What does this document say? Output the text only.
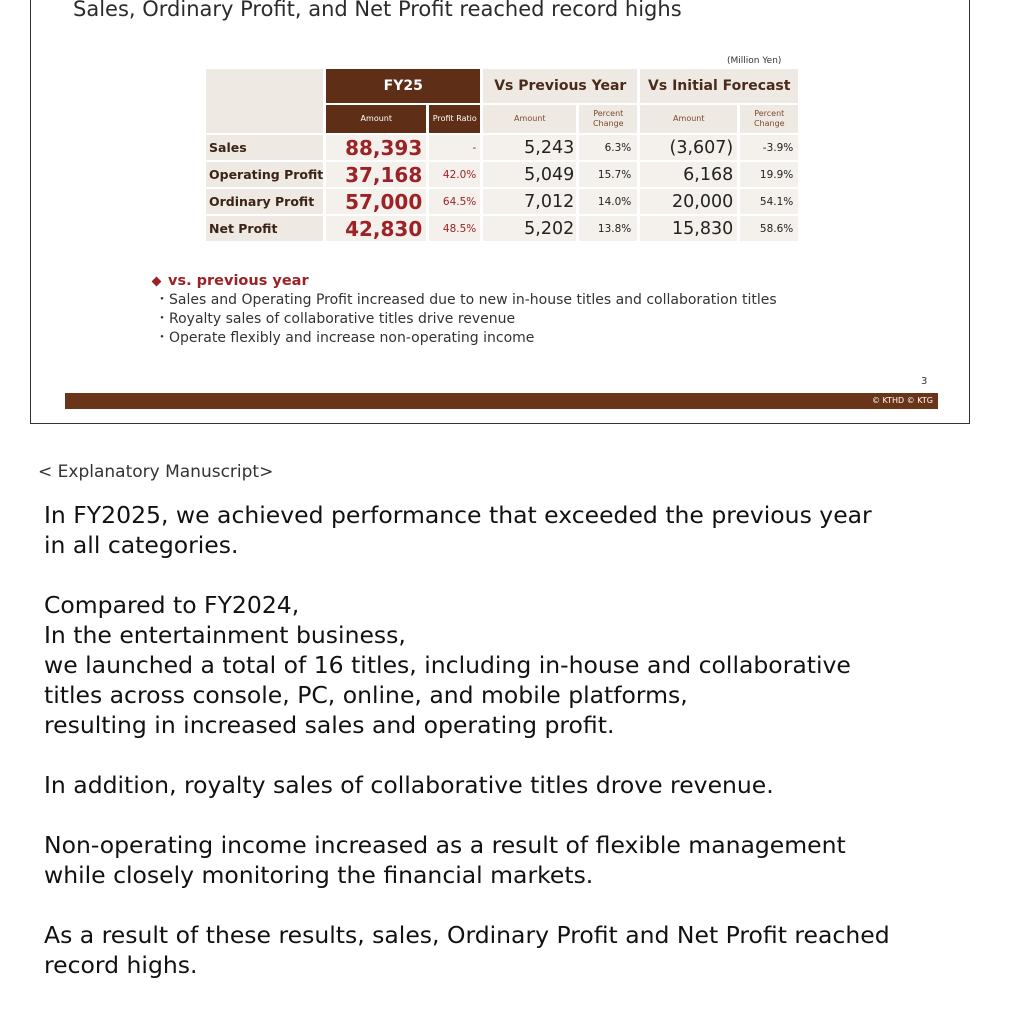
Sales, Ordinary Profit, and Net Profit reached record highs
(Million Yen)
	FY25		Vs Previous Year		Vs Initial Forecast	
	Amount	Profit Ratio	Amount	Percent Change	Amount	Percent Change
Sales	88,393	-	5,243	6.3%	(3,607)	-3.9%
Operating Profit	37,168	42.0%	5,049	15.7%	6,168	19.9%
Ordinary Profit	57,000	64.5%	7,012	14.0%	20,000	54.1%
Net Profit	42,830	48.5%	5,202	13.8%	15,830	58.6%
vs. previous year
・ Sales and Operating Profit increased due to new in-house titles and collaboration titles
・ Royalty sales of collaborative titles drive revenue
・ Operate flexibly and increase non-operating income
3
© KTHD © KTG
< Explanatory Manuscript>

In FY2025, we achieved performance that exceeded the previous year
in all categories.

Compared to FY2024,
In the entertainment business,
we launched a total of 16 titles, including in-house and collaborative
titles across console, PC, online, and mobile platforms,
resulting in increased sales and operating profit.

In addition, royalty sales of collaborative titles drove revenue.

Non-operating income increased as a result of flexible management
while closely monitoring the financial markets.

As a result of these results, sales, Ordinary Profit and Net Profit reached
record highs.
